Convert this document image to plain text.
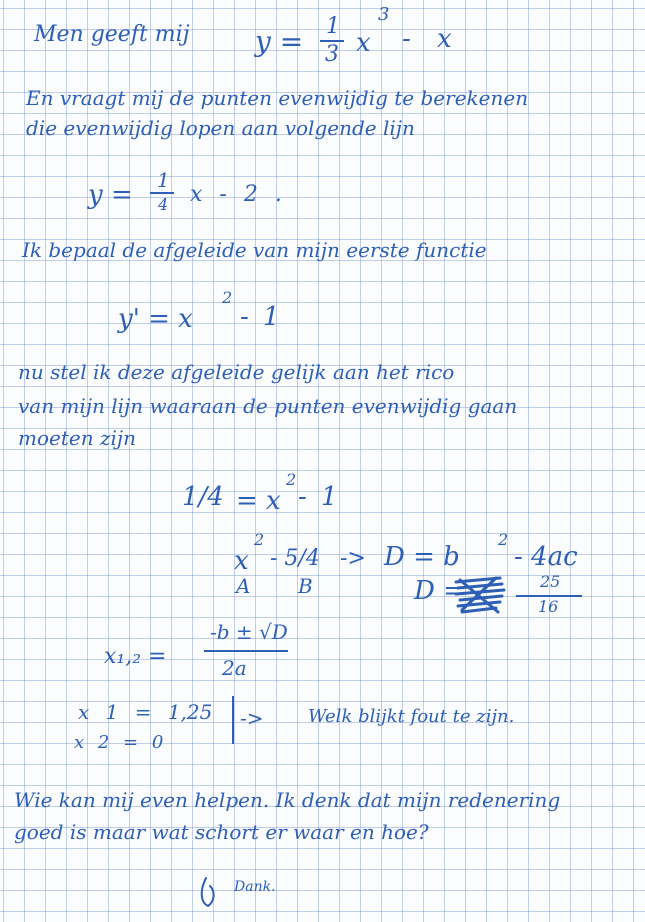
Men geeft mij y = 1
3 x
3
- x

En vraagt mij de punten evenwijdig te berekenen

die evenwijdig lopen aan volgende lijn

y = 1
4 x - 2 .

Ik bepaal de afgeleide van mijn eerste functie

y' = x
2
- 1

nu stel ik deze afgeleide gelijk aan het rico

van mijn lijn waaraan de punten evenwijdig gaan

moeten zijn

1/4 = x
2
- 1
x
2
- 5/4 -> D = b
2
- 4ac
A B	D =	25
16
x₁,₂ =
-b ± √D
2a
x 1 = 1,25
x 2 = 0
-> Welk blijkt fout te zijn.

Wie kan mij even helpen. Ik denk dat mijn redenering

goed is maar wat schort er waar en hoe?

Dank.
